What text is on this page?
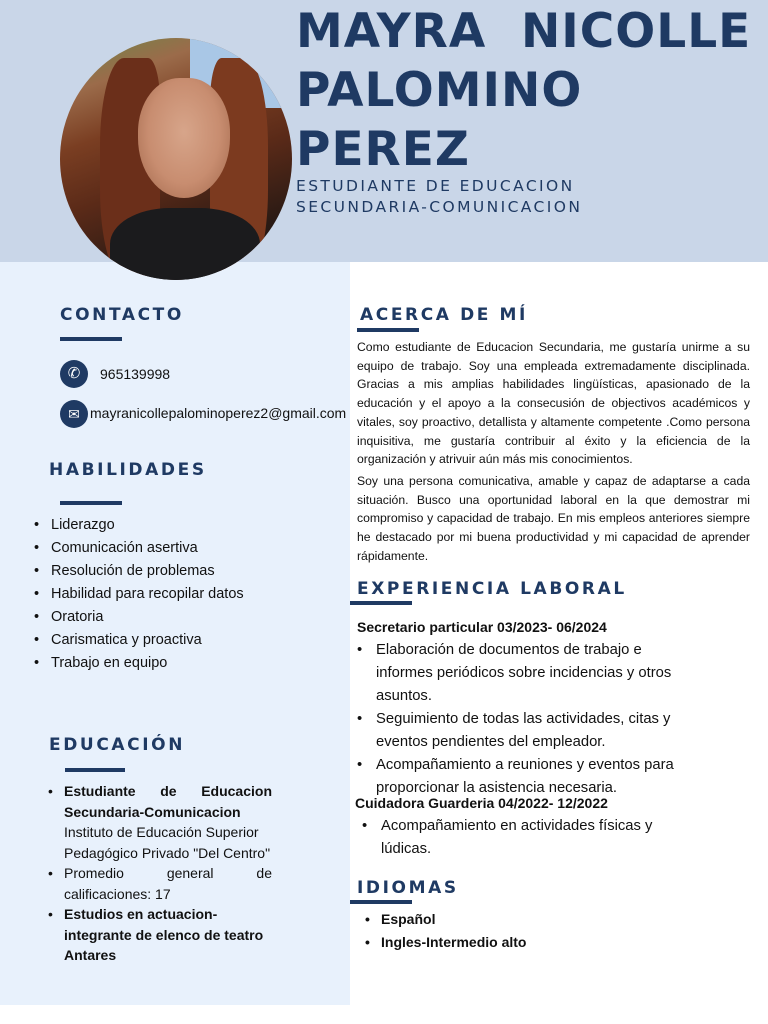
MAYRA  NICOLLE
PALOMINO
PEREZ
ESTUDIANTE DE EDUCACION
SECUNDARIA-COMUNICACION
CONTACTO
✆	965139998
✉ mayranicollepalominoperez2@gmail.com
HABILIDADES
• Liderazgo
• Comunicación asertiva
• Resolución de problemas
• Habilidad para recopilar datos
• Oratoria
• Carismatica y proactiva
• Trabajo en equipo
EDUCACIÓN
• Estudiante de Educacion Secundaria-Comunicacion
Instituto de Educación Superior Pedagógico Privado "Del Centro"
• Promedio general de calificaciones: 17
• Estudios en actuacion-integrante de elenco de teatro Antares
ACERCA DE MÍ
Como estudiante de Educacion Secundaria, me gustaría unirme a su equipo de trabajo. Soy una empleada extremadamente disciplinada. Gracias a mis amplias habilidades lingüísticas, apasionado de la educación y el apoyo a la consecusión de objectivos académicos y vitales, soy proactivo, detallista y altamente competente .Como persona inquisitiva, me gustaría contribuir al éxito y la eficiencia de la organización y atrivuir aún más mis conocimientos.
Soy una persona comunicativa, amable y capaz de adaptarse a cada situación. Busco una oportunidad laboral en la que demostrar mi compromiso y capacidad de trabajo. En mis empleos anteriores siempre he destacado por mi buena productividad y mi capacidad de aprender rápidamente.
EXPERIENCIA LABORAL
Secretario particular 03/2023- 06/2024
• Elaboración de documentos de trabajo e informes periódicos sobre incidencias y otros asuntos.
• Seguimiento de todas las actividades, citas y eventos pendientes del empleador.
• Acompañamiento a reuniones y eventos para proporcionar la asistencia necesaria.
Cuidadora Guarderia 04/2022- 12/2022
• Acompañamiento en actividades físicas y lúdicas.
IDIOMAS
• Español
• Ingles-Intermedio alto
